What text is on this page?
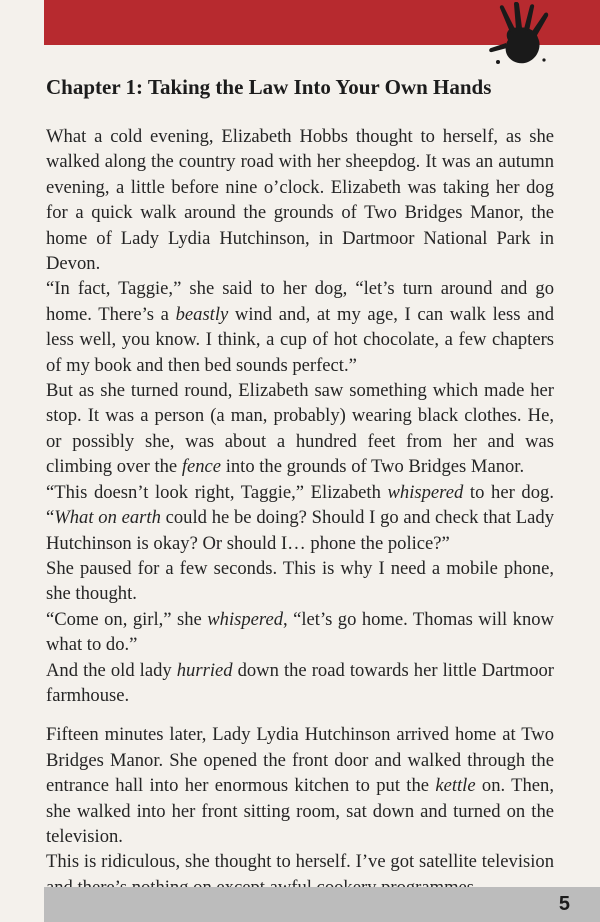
Chapter 1: Taking the Law Into Your Own Hands

What a cold evening, Elizabeth Hobbs thought to herself, as she walked along the country road with her sheepdog. It was an autumn evening, a little before nine o’clock. Elizabeth was taking her dog for a quick walk around the grounds of Two Bridges Manor, the home of Lady Lydia Hutchinson, in Dartmoor National Park in Devon.

“In fact, Taggie,” she said to her dog, “let’s turn around and go home. There’s a beastly wind and, at my age, I can walk less and less well, you know. I think, a cup of hot chocolate, a few chapters of my book and then bed sounds perfect.”

But as she turned round, Elizabeth saw something which made her stop. It was a person (a man, probably) wearing black clothes. He, or possibly she, was about a hundred feet from her and was climbing over the fence into the grounds of Two Bridges Manor.

“This doesn’t look right, Taggie,” Elizabeth whispered to her dog. “What on earth could he be doing? Should I go and check that Lady Hutchinson is okay? Or should I… phone the police?”

She paused for a few seconds. This is why I need a mobile phone, she thought.

“Come on, girl,” she whispered, “let’s go home. Thomas will know what to do.”

And the old lady hurried down the road towards her little Dartmoor farmhouse.

Fifteen minutes later, Lady Lydia Hutchinson arrived home at Two Bridges Manor. She opened the front door and walked through the entrance hall into her enormous kitchen to put the kettle on. Then, she walked into her front sitting room, sat down and turned on the television.

This is ridiculous, she thought to herself. I’ve got satellite television

5
